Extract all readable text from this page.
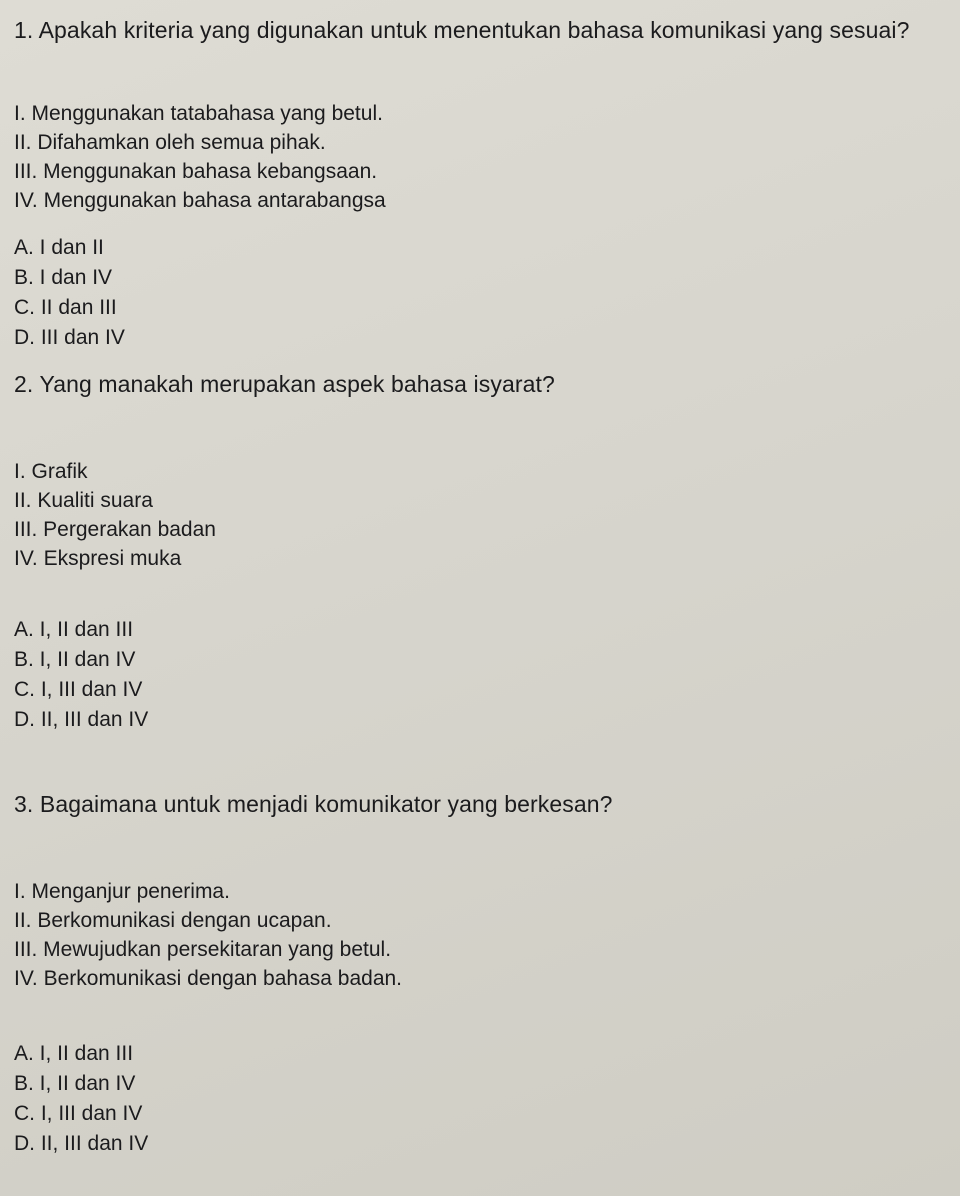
1. Apakah kriteria yang digunakan untuk menentukan bahasa komunikasi yang sesuai?
I. Menggunakan tatabahasa yang betul.
II. Difahamkan oleh semua pihak.
III. Menggunakan bahasa kebangsaan.
IV. Menggunakan bahasa antarabangsa
A. I dan II
B. I dan IV
C. II dan III
D. III dan IV
2. Yang manakah merupakan aspek bahasa isyarat?
I. Grafik
II. Kualiti suara
III. Pergerakan badan
IV. Ekspresi muka
A. I, II dan III
B. I, II dan IV
C. I, III dan IV
D. II, III dan IV
3. Bagaimana untuk menjadi komunikator yang berkesan?
I. Menganjur penerima.
II. Berkomunikasi dengan ucapan.
III. Mewujudkan persekitaran yang betul.
IV. Berkomunikasi dengan bahasa badan.
A. I, II dan III
B. I, II dan IV
C. I, III dan IV
D. II, III dan IV
